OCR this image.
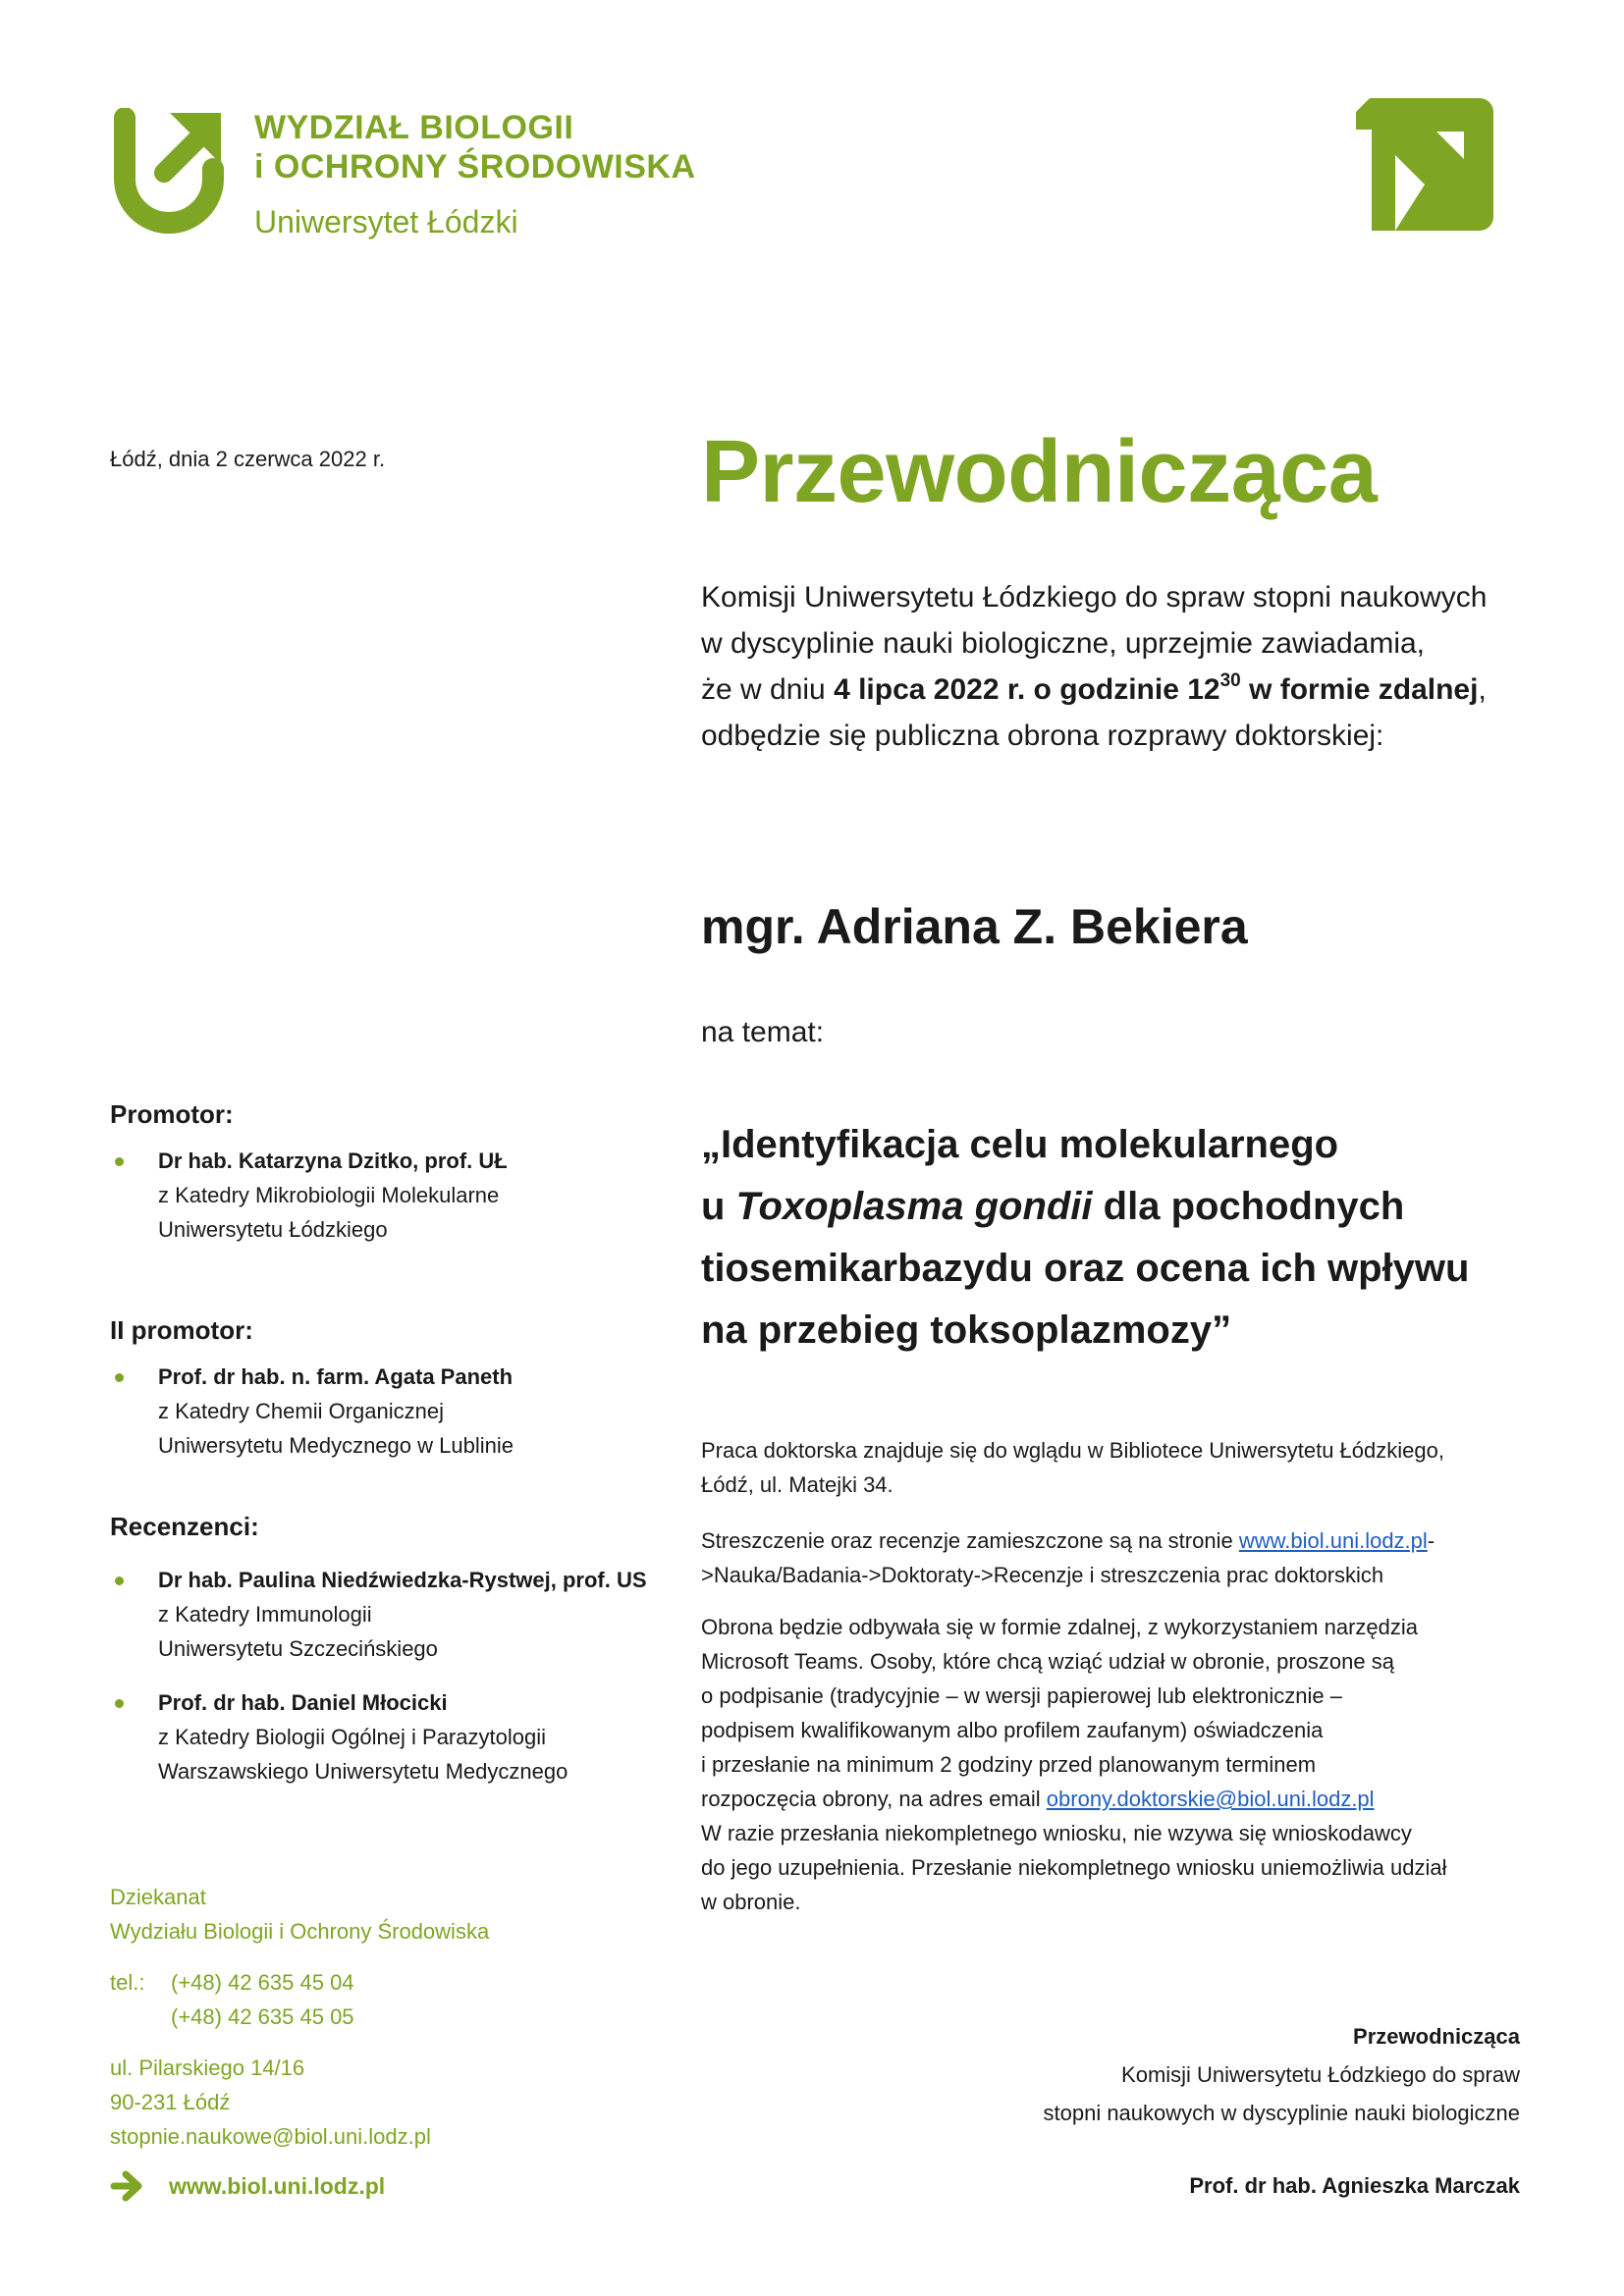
WYDZIAŁ BIOLOGII
i OCHRONY ŚRODOWISKA
Uniwersytet Łódzki
Łódź, dnia 2 czerwca 2022 r.
Promotor:
Dr hab. Katarzyna Dzitko, prof. UŁ
z Katedry Mikrobiologii Molekularne
Uniwersytetu Łódzkiego
II promotor:
Prof. dr hab. n. farm. Agata Paneth
z Katedry Chemii Organicznej
Uniwersytetu Medycznego w Lublinie
Recenzenci:
Dr hab. Paulina Niedźwiedzka-Rystwej, prof. US
z Katedry Immunologii
Uniwersytetu Szczecińskiego
Prof. dr hab. Daniel Młocicki
z Katedry Biologii Ogólnej i Parazytologii
Warszawskiego Uniwersytetu Medycznego
Dziekanat
Wydziału Biologii i Ochrony Środowiska
tel.:	(+48) 42 635 45 04
(+48) 42 635 45 05
ul. Pilarskiego 14/16
90-231 Łódź
stopnie.naukowe@biol.uni.lodz.pl
www.biol.uni.lodz.pl
Przewodnicząca
Komisji Uniwersytetu Łódzkiego do spraw stopni naukowych
w dyscyplinie nauki biologiczne, uprzejmie zawiadamia,
że w dniu 4 lipca 2022 r. o godzinie $12^{30}$ w formie zdalnej,
odbędzie się publiczna obrona rozprawy doktorskiej:
mgr. Adriana Z. Bekiera
na temat:
„Identyfikacja celu molekularnego
u Toxoplasma gondii dla pochodnych
tiosemikarbazydu oraz ocena ich wpływu
na przebieg toksoplazmozy”
Praca doktorska znajduje się do wglądu w Bibliotece Uniwersytetu Łódzkiego,
Łódź, ul. Matejki 34.
Streszczenie oraz recenzje zamieszczone są na stronie www.biol.uni.lodz.pl-
>Nauka/Badania->Doktoraty->Recenzje i streszczenia prac doktorskich
Obrona będzie odbywała się w formie zdalnej, z wykorzystaniem narzędzia
Microsoft Teams. Osoby, które chcą wziąć udział w obronie, proszone są
o podpisanie (tradycyjnie – w wersji papierowej lub elektronicznie –
podpisem kwalifikowanym albo profilem zaufanym) oświadczenia
i przesłanie na minimum 2 godziny przed planowanym terminem
rozpoczęcia obrony, na adres email obrony.doktorskie@biol.uni.lodz.pl
W razie przesłania niekompletnego wniosku, nie wzywa się wnioskodawcy
do jego uzupełnienia. Przesłanie niekompletnego wniosku uniemożliwia udział
w obronie.
Przewodnicząca
Komisji Uniwersytetu Łódzkiego do spraw
stopni naukowych w dyscyplinie nauki biologiczne
Prof. dr hab. Agnieszka Marczak
